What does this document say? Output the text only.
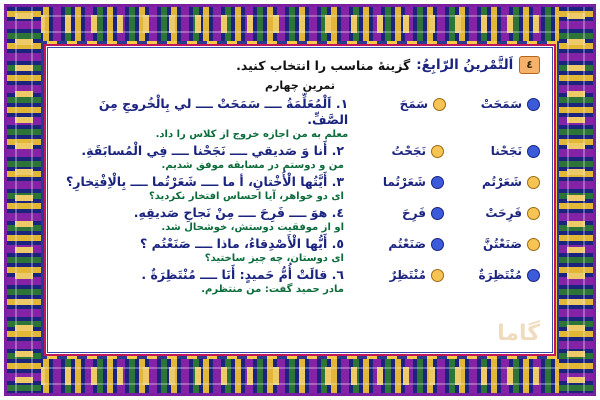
٤
اَلتَّمْرینُ الرّابِعُ:
گزینۀ مناسب را انتخاب کنید.
تمرین چهارم
سَمَحَتْ
سَمَحَ
١. اَلْمُعَلِّمَةُ ــــ سَمَحَتْ ــــ لي بِالْخُروجِ مِنَ الصَّفِّ.
معلم به من اجازه خروج از کلاس را داد.
نَجَحْنا
نَجَحْتُ
٢. أَنا وَ صَديقي ــــ نَجَحْنا ــــ فِي الْمُسابَقَةِ.
من و دوستم در مسابقه موفق شدیم.
شَعَرْتُم
شَعَرْتُما
٣. أَيَّتُها الْأُخْتانِ، أ ما ــــ شَعَرْتُما ــــ بِالْاِفْتِخارِ؟
ای دو خواهر، آیا احساس افتخار نکردید؟
فَرِحَتْ
فَرِحَ
٤. هوَ ــــ فَرِحَ ــــ مِنْ نَجاحِ صَديقِهِ.
او از موفقیت دوستش، خوشحال شد.
صَنَعْتُنَّ
صَنَعْتُم
٥. أَيُّها الْأَصْدِقاءُ، ماذا ــــ صَنَعْتُم ؟
ای دوستان، چه چیز ساختید؟
مُنْتَظِرَةٌ
مُنْتَظِرٌ
٦. قالَتْ أُمُّ حَمیدٍ: أَنَا ــــ مُنْتَظِرَةٌ .
مادر حمید گفت: من منتظرم.
گاما
